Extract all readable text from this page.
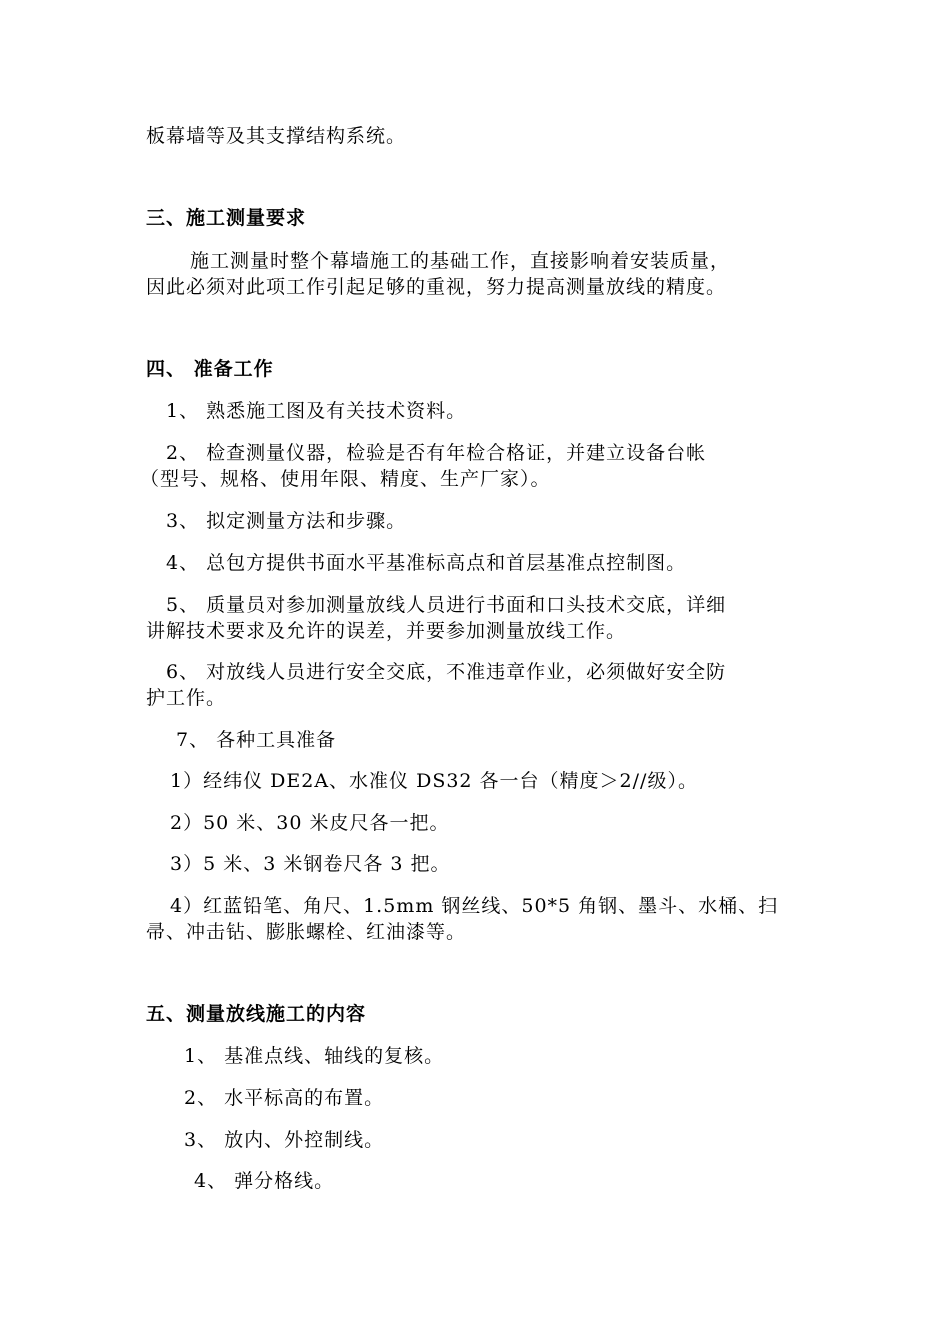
板幕墙等及其支撑结构系统。
三、施工测量要求
施工测量时整个幕墙施工的基础工作，直接影响着安装质量，
因此必须对此项工作引起足够的重视，努力提高测量放线的精度。
四、 准备工作
1、 熟悉施工图及有关技术资料。
2、 检查测量仪器，检验是否有年检合格证，并建立设备台帐
（型号、规格、使用年限、精度、生产厂家）。
3、 拟定测量方法和步骤。
4、 总包方提供书面水平基准标高点和首层基准点控制图。
5、 质量员对参加测量放线人员进行书面和口头技术交底，详细
讲解技术要求及允许的误差，并要参加测量放线工作。
6、 对放线人员进行安全交底，不准违章作业，必须做好安全防
护工作。
7、 各种工具准备
1）经纬仪 DE2A、水准仪 DS32 各一台（精度＞2//级）。
2）50 米、30 米皮尺各一把。
3）5 米、3 米钢卷尺各 3 把。
4）红蓝铅笔、角尺、1.5mm 钢丝线、50*5 角钢、墨斗、水桶、扫
帚、冲击钻、膨胀螺栓、红油漆等。
五、测量放线施工的内容
1、 基准点线、轴线的复核。
2、 水平标高的布置。
3、 放内、外控制线。
4、 弹分格线。
